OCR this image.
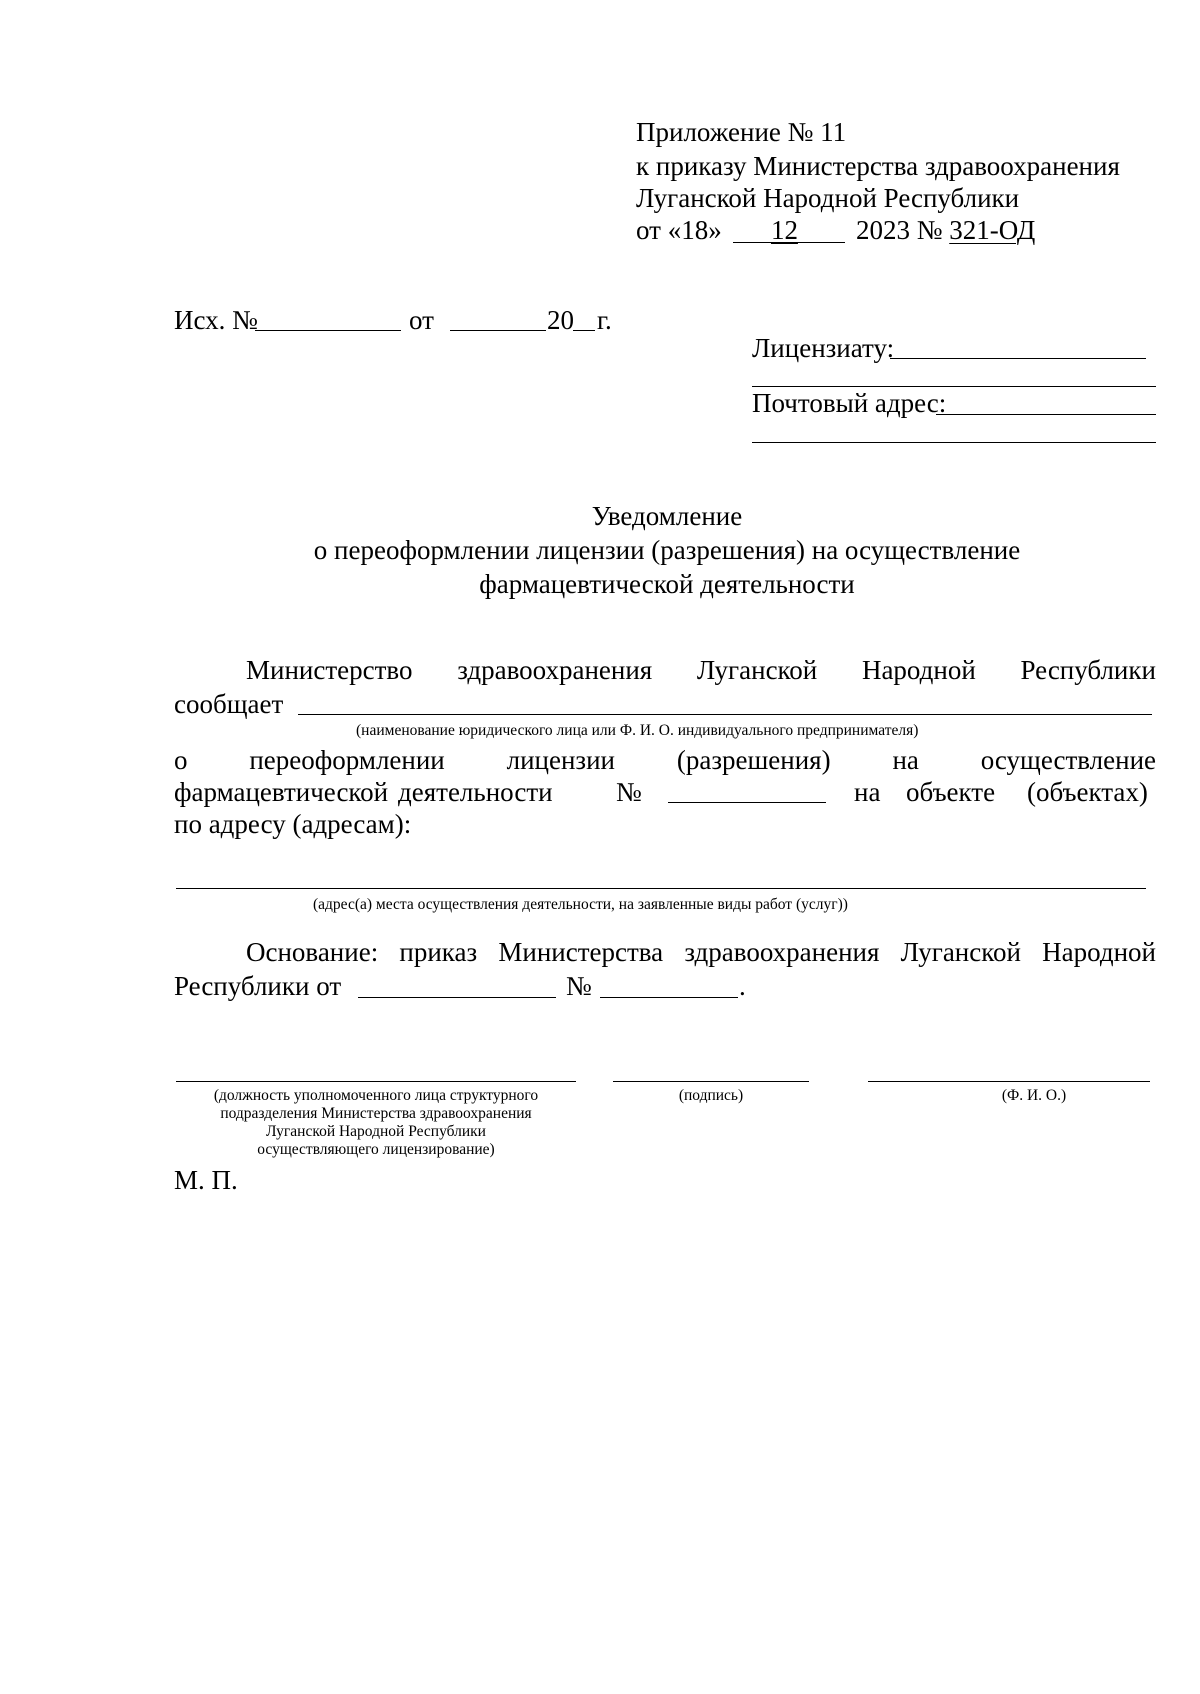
Приложение № 11
к приказу Министерства здравоохранения
Луганской Народной Республики
от «18» 12 2023 № 321-ОД
Исх. №	от	20 г.
Лицензиату:
Почтовый адрес:
Уведомление
о переоформлении лицензии (разрешения) на осуществление
фармацевтической деятельности
Министерство здравоохранения Луганской Народной Республики
сообщает
(наименование юридического лица или Ф. И. О. индивидуального предпринимателя)
о переоформлении лицензии (разрешения) на осуществление
фармацевтической деятельности №	на объекте (объектах)
по адресу (адресам):
(адрес(а) места осуществления деятельности, на заявленные виды работ (услуг))
Основание: приказ Министерства здравоохранения Луганской Народной
Республики от	№	.
(должность уполномоченного лица структурного
подразделения Министерства здравоохранения
Луганской Народной Республики
осуществляющего лицензирование)
(подпись)	(Ф. И. О.)
М. П.
